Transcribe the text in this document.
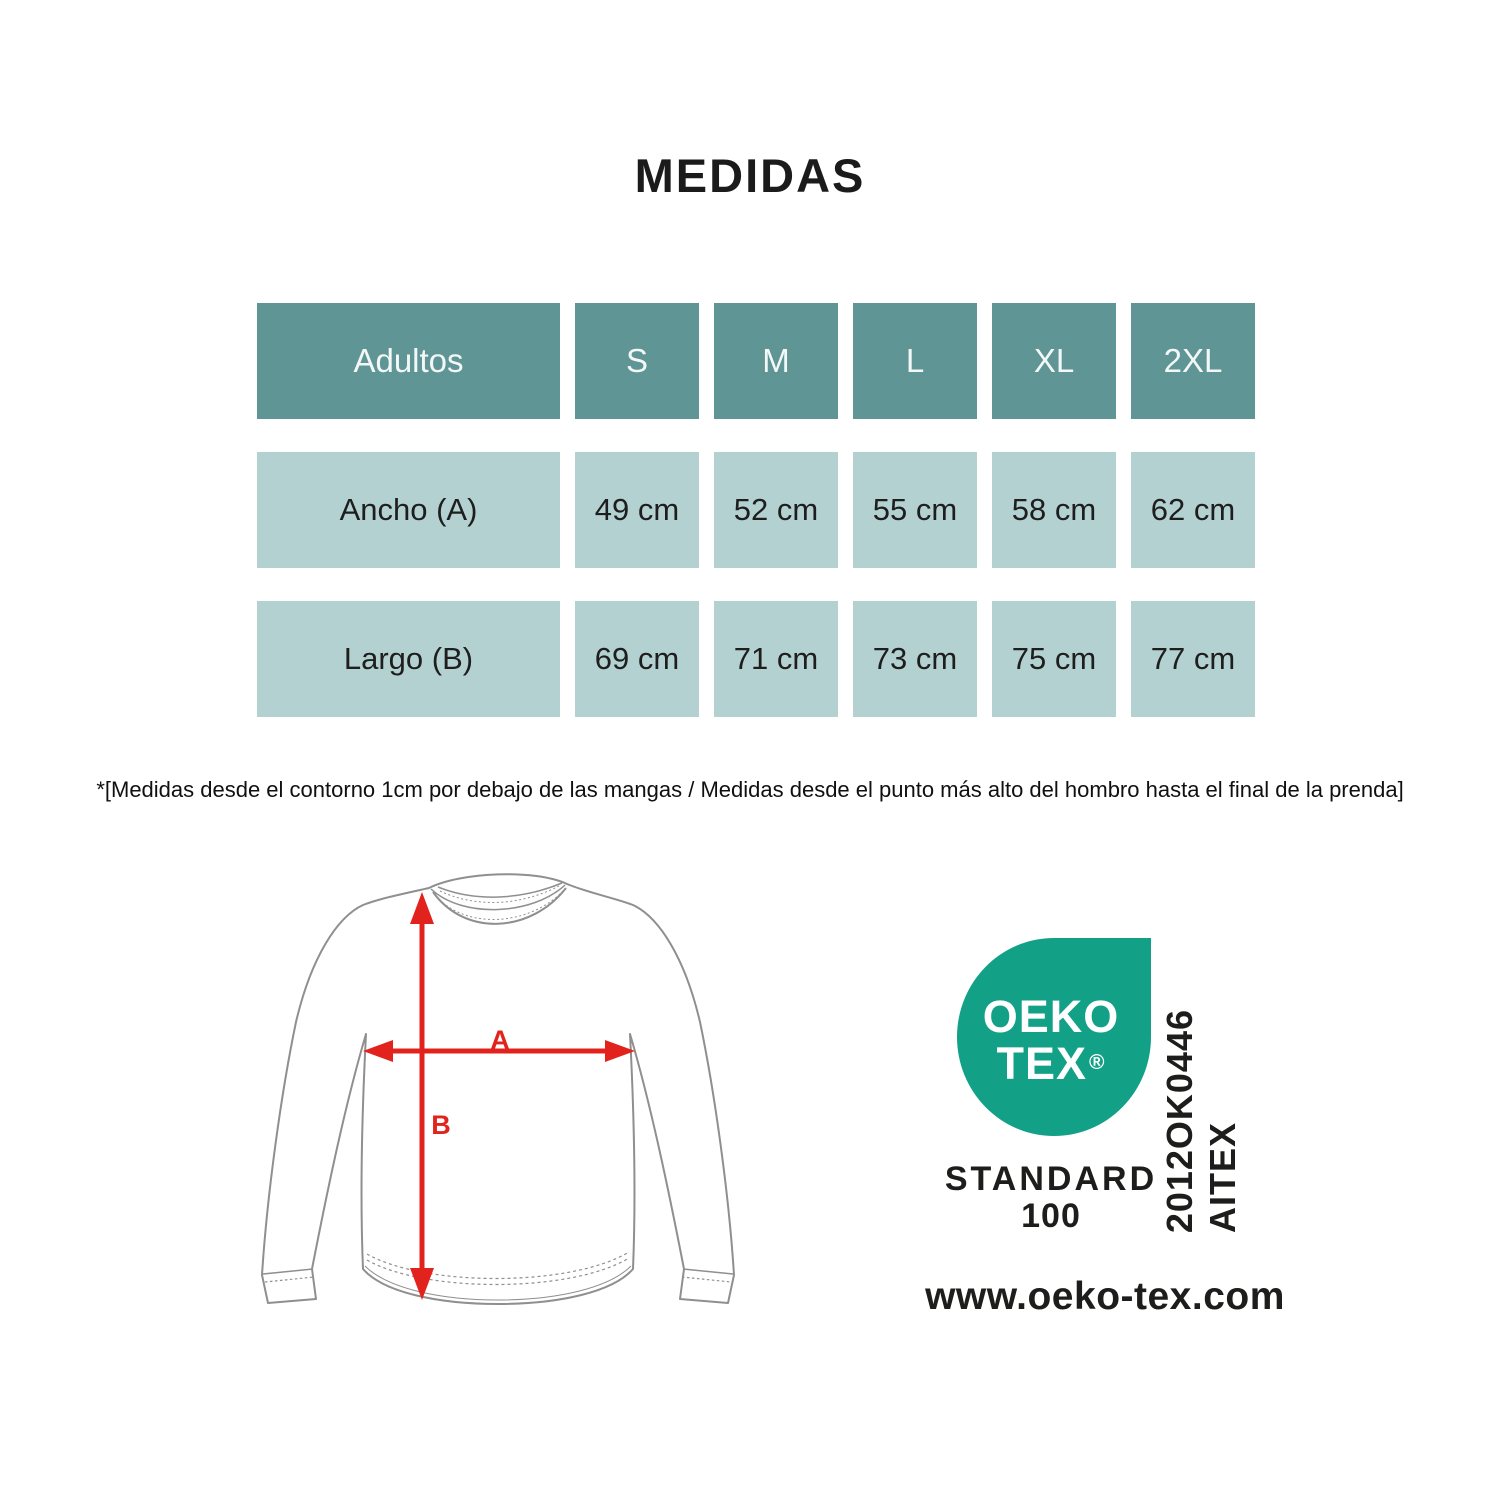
MEDIDAS
Adultos	S	M	L	XL	2XL
Ancho (A)	49 cm	52 cm	55 cm	58 cm	62 cm
Largo (B)	69 cm	71 cm	73 cm	75 cm	77 cm
*[Medidas desde el contorno 1cm por debajo de las mangas / Medidas desde el punto más alto del hombro hasta el final de la prenda]
A
B
OEKO
TEX®
STANDARD
100	2012OK0446 AITEX
www.oeko-tex.com
